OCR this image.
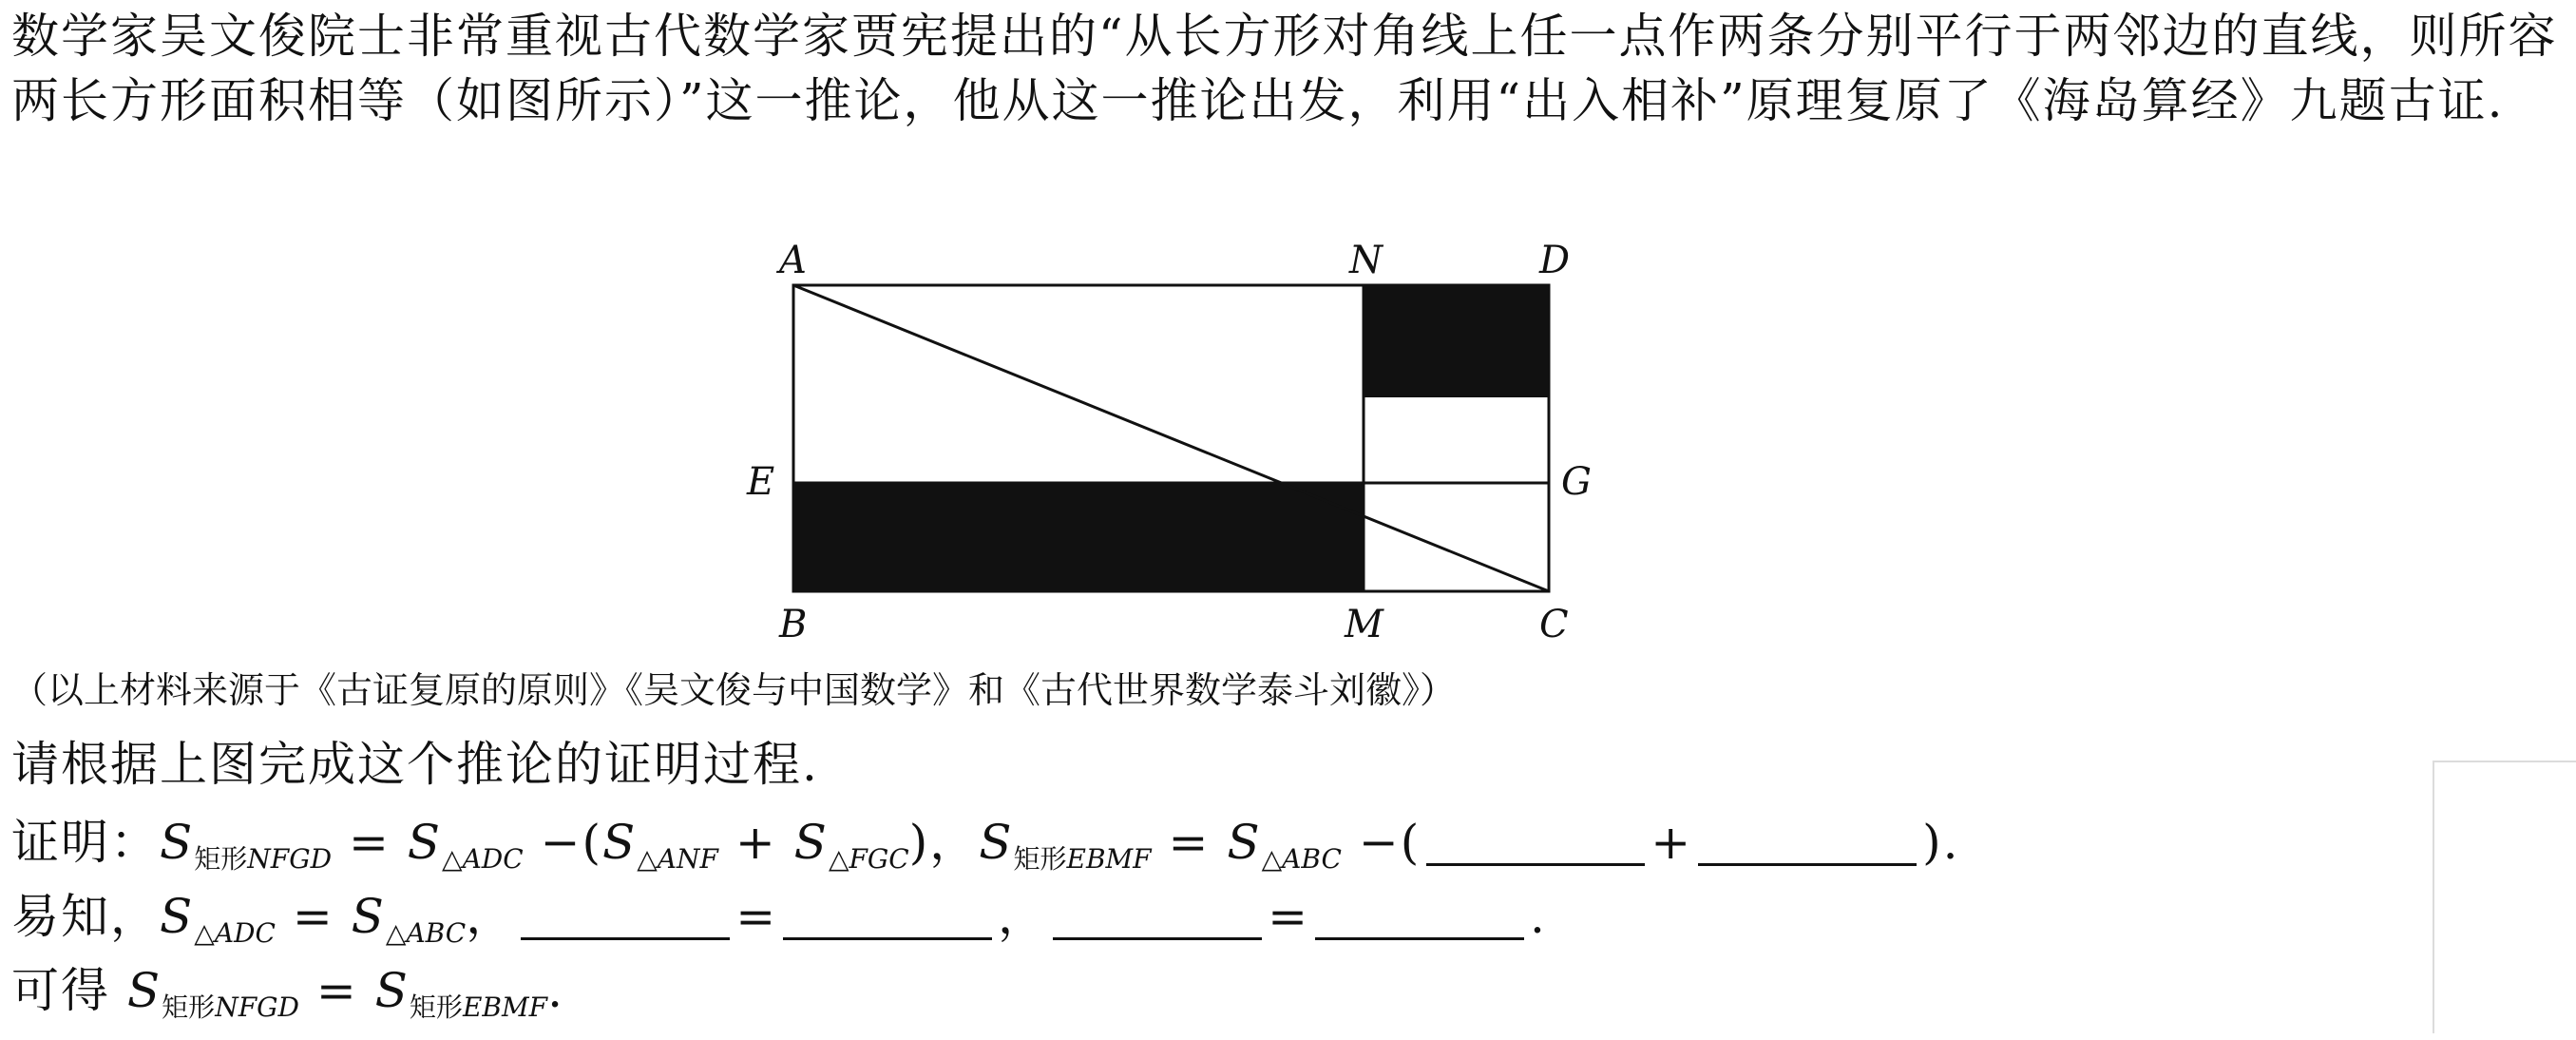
数学家吴文俊院士非常重视古代数学家贾宪提出的“从长方形对角线上任一点作两条分别平行于两邻边的直线，则所容两长方形面积相等（如图所示）”这一推论，他从这一推论出发，利用“出入相补”原理复原了《海岛算经》九题古证.
A	N	D
E	G
B	M	C
（以上材料来源于《古证复原的原则》《吴文俊与中国数学》和《古代世界数学泰斗刘徽》）
请根据上图完成这个推论的证明过程.
证明：$S_{矩形NFGD} = S_{\triangle ADC} -(S_{\triangle ANF} + S_{\triangle FGC})$，$S_{矩形EBMF} = S_{\triangle ABC}$ −(	+	).
易知，$S_{\triangle ADC} = S_{\triangle ABC}$，	=	，	=	.
可得 $S_{矩形NFGD} = S_{矩形EBMF}$.
